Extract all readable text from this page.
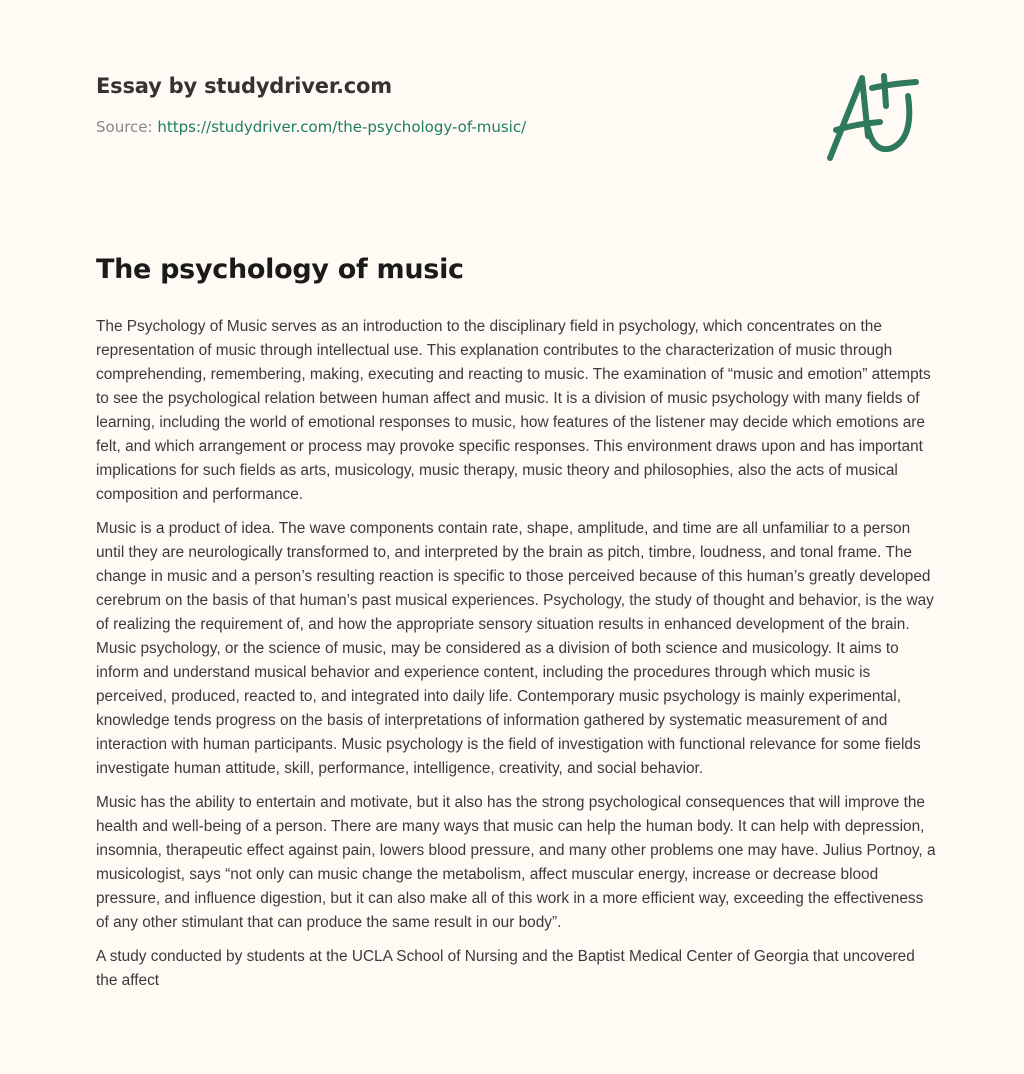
Essay by studydriver.com
Source: https://studydriver.com/the-psychology-of-music/
The psychology of music

The Psychology of Music serves as an introduction to the disciplinary field in psychology, which concentrates on the representation of music through intellectual use. This explanation contributes to the characterization of music through comprehending, remembering, making, executing and reacting to music. The examination of “music and emotion” attempts to see the psychological relation between human affect and music. It is a division of music psychology with many fields of learning, including the world of emotional responses to music, how features of the listener may decide which emotions are felt, and which arrangement or process may provoke specific responses. This environment draws upon and has important implications for such fields as arts, musicology, music therapy, music theory and philosophies, also the acts of musical composition and performance.

Music is a product of idea. The wave components contain rate, shape, amplitude, and time are all unfamiliar to a person until they are neurologically transformed to, and interpreted by the brain as pitch, timbre, loudness, and tonal frame. The change in music and a person’s resulting reaction is specific to those perceived because of this human’s greatly developed cerebrum on the basis of that human’s past musical experiences. Psychology, the study of thought and behavior, is the way of realizing the requirement of, and how the appropriate sensory situation results in enhanced development of the brain. Music psychology, or the science of music, may be considered as a division of both science and musicology. It aims to inform and understand musical behavior and experience content, including the procedures through which music is perceived, produced, reacted to, and integrated into daily life. Contemporary music psychology is mainly experimental, knowledge tends progress on the basis of interpretations of information gathered by systematic measurement of and interaction with human participants. Music psychology is the field of investigation with functional relevance for some fields investigate human attitude, skill, performance, intelligence, creativity, and social behavior.

Music has the ability to entertain and motivate, but it also has the strong psychological consequences that will improve the health and well-being of a person. There are many ways that music can help the human body. It can help with depression, insomnia, therapeutic effect against pain, lowers blood pressure, and many other problems one may have. Julius Portnoy, a musicologist, says “not only can music change the metabolism, affect muscular energy, increase or decrease blood pressure, and influence digestion, but it can also make all of this work in a more efficient way, exceeding the effectiveness of any other stimulant that can produce the same result in our body”.

A study conducted by students at the UCLA School of Nursing and the Baptist Medical Center of Georgia that uncovered the affect
